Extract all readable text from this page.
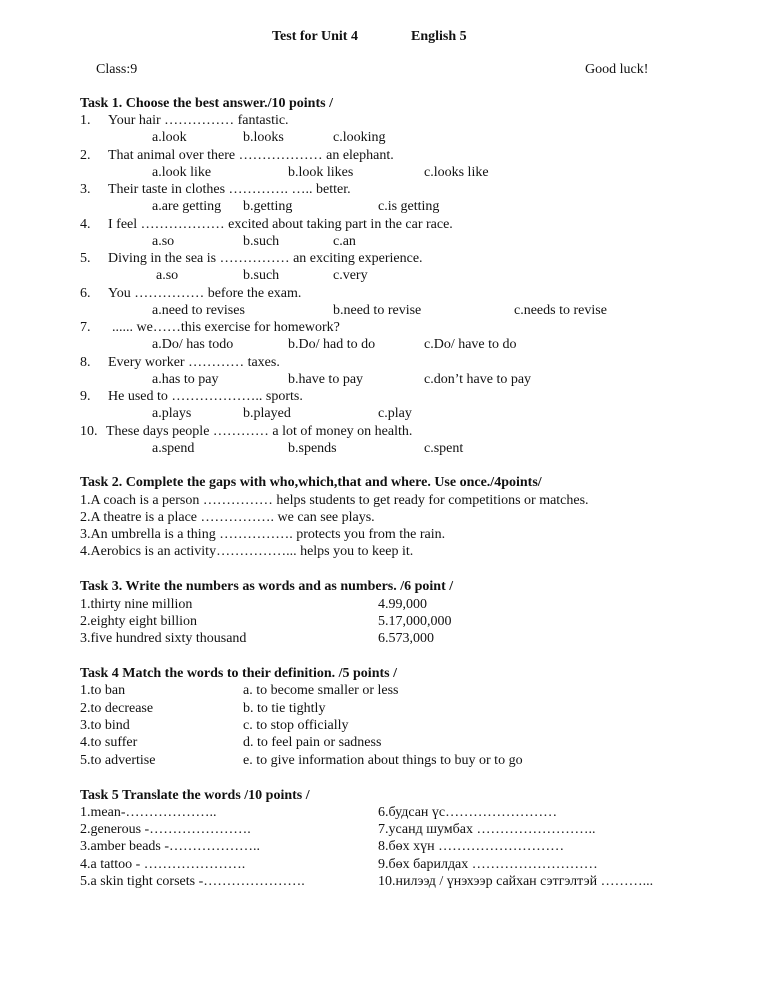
Test for Unit 4	English 5
Class:9	Good luck!
Task 1. Choose the best answer./10 points /
1. Your hair …………… fantastic.
a.look	b.looks	c.looking
2. That animal over there ……………… an elephant.
a.look like	b.look likes	c.looks like
3. Their taste in clothes …………. ….. better.
a.are getting b.getting	c.is getting
4. I feel ……………… excited about taking part in the car race.
a.so	b.such	c.an
5. Diving in the sea is …………… an exciting experience.
a.so	b.such	c.very
6. You …………… before the exam.
a.need to revises	b.need to revise	c.needs to revise
7. ...... we……this exercise for homework?
a.Do/ has todo	b.Do/ had to do	c.Do/ have to do
8. Every worker ………… taxes.
a.has to pay	b.have to pay	c.don’t have to pay
9. He used to ……………….. sports.
a.plays	b.played	c.play
10. These days people ………… a lot of money on health.
a.spend	b.spends	c.spent
Task 2. Complete the gaps with who,which,that and where. Use once./4points/
1.A coach is a person …………… helps students to get ready for competitions or matches.
2.A theatre is a place ……………. we can see plays.
3.An umbrella is a thing ……………. protects you from the rain.
4.Aerobics is an activity……………... helps you to keep it.
Task 3. Write the numbers as words and as numbers. /6 point /
1.thirty nine million	4.99,000
2.eighty eight billion	5.17,000,000
3.five hundred sixty thousand	6.573,000
Task 4 Match the words to their definition. /5 points /
1.to ban	a. to become smaller or less
2.to decrease	b. to tie tightly
3.to bind	c. to stop officially
4.to suffer	d. to feel pain or sadness
5.to advertise	e. to give information about things to buy or to go
Task 5 Translate the words /10 points /
1.mean-………………..	6.будсан үс……………………
2.generous -………………….	7.усанд шумбах ……………………..
3.amber beads -………………..	8.бөх хүн ………………………
4.a tattoo - ………………….	9.бөх барилдах ………………………
5.a skin tight corsets -………………….	10.нилээд / үнэхээр сайхан сэтгэлтэй ………...
